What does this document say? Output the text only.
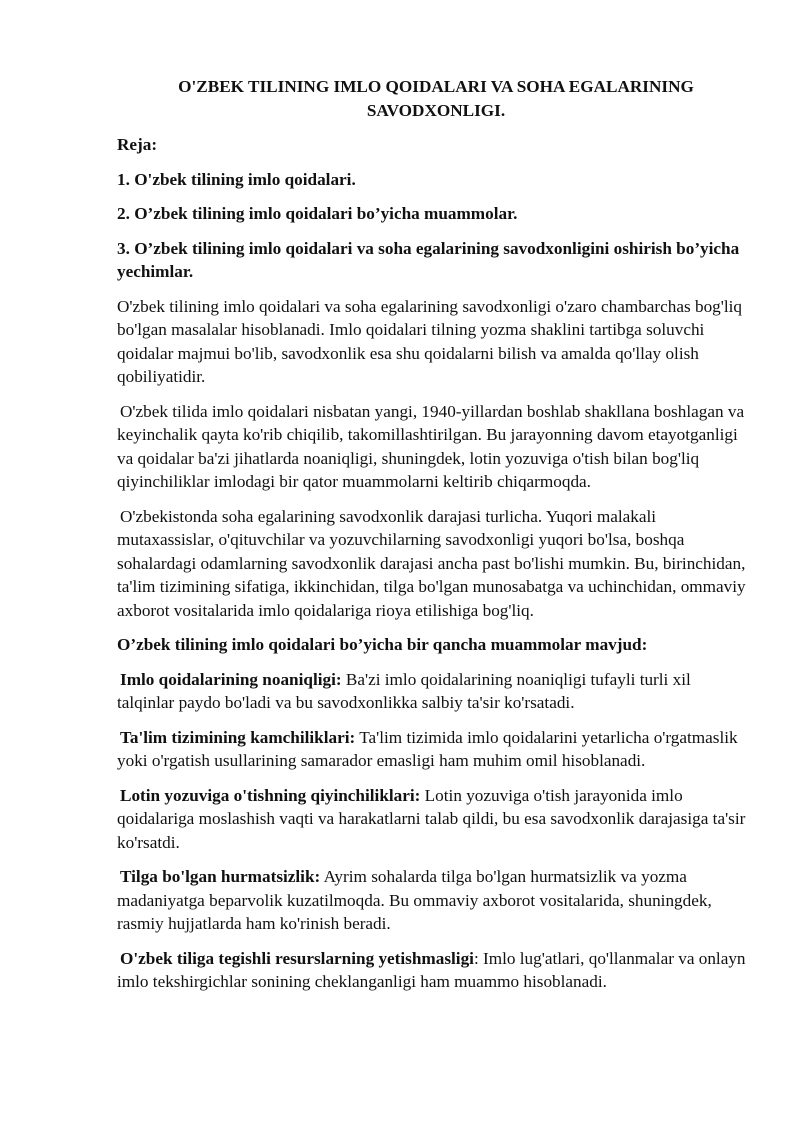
O'ZBEK TILINING IMLO QOIDALARI VA SOHA EGALARINING SAVODXONLIGI.
Reja:
1. O'zbek tilining imlo qoidalari.
2. O’zbek tilining imlo qoidalari bo’yicha muammolar.
3. O’zbek tilining imlo qoidalari va soha egalarining savodxonligini oshirish bo’yicha yechimlar.

O'zbek tilining imlo qoidalari va soha egalarining savodxonligi o'zaro chambarchas bog'liq bo'lgan masalalar hisoblanadi. Imlo qoidalari tilning yozma shaklini tartibga soluvchi qoidalar majmui bo'lib, savodxonlik esa shu qoidalarni bilish va amalda qo'llay olish qobiliyatidir.

O'zbek tilida imlo qoidalari nisbatan yangi, 1940-yillardan boshlab shakllana boshlagan va keyinchalik qayta ko'rib chiqilib, takomillashtirilgan. Bu jarayonning davom etayotganligi va qoidalar ba'zi jihatlarda noaniqligi, shuningdek, lotin yozuviga o'tish bilan bog'liq qiyinchiliklar imlodagi bir qator muammolarni keltirib chiqarmoqda.

O'zbekistonda soha egalarining savodxonlik darajasi turlicha. Yuqori malakali mutaxassislar, o'qituvchilar va yozuvchilarning savodxonligi yuqori bo'lsa, boshqa sohalardagi odamlarning savodxonlik darajasi ancha past bo'lishi mumkin. Bu, birinchidan, ta'lim tizimining sifatiga, ikkinchidan, tilga bo'lgan munosabatga va uchinchidan, ommaviy axborot vositalarida imlo qoidalariga rioya etilishiga bog'liq.

O’zbek tilining imlo qoidalari bo’yicha bir qancha muammolar mavjud:

Imlo qoidalarining noaniqligi: Ba'zi imlo qoidalarining noaniqligi tufayli turli xil talqinlar paydo bo'ladi va bu savodxonlikka salbiy ta'sir ko'rsatadi.

Ta'lim tizimining kamchiliklari: Ta'lim tizimida imlo qoidalarini yetarlicha o'rgatmaslik yoki o'rgatish usullarining samarador emasligi ham muhim omil hisoblanadi.

Lotin yozuviga o'tishning qiyinchiliklari: Lotin yozuviga o'tish jarayonida imlo qoidalariga moslashish vaqti va harakatlarni talab qildi, bu esa savodxonlik darajasiga ta'sir ko'rsatdi.

Tilga bo'lgan hurmatsizlik: Ayrim sohalarda tilga bo'lgan hurmatsizlik va yozma madaniyatga beparvolik kuzatilmoqda. Bu ommaviy axborot vositalarida, shuningdek, rasmiy hujjatlarda ham ko'rinish beradi.

O'zbek tiliga tegishli resurslarning yetishmasligi: Imlo lug'atlari, qo'llanmalar va onlayn imlo tekshirgichlar sonining cheklanganligi ham muammo hisoblanadi.
